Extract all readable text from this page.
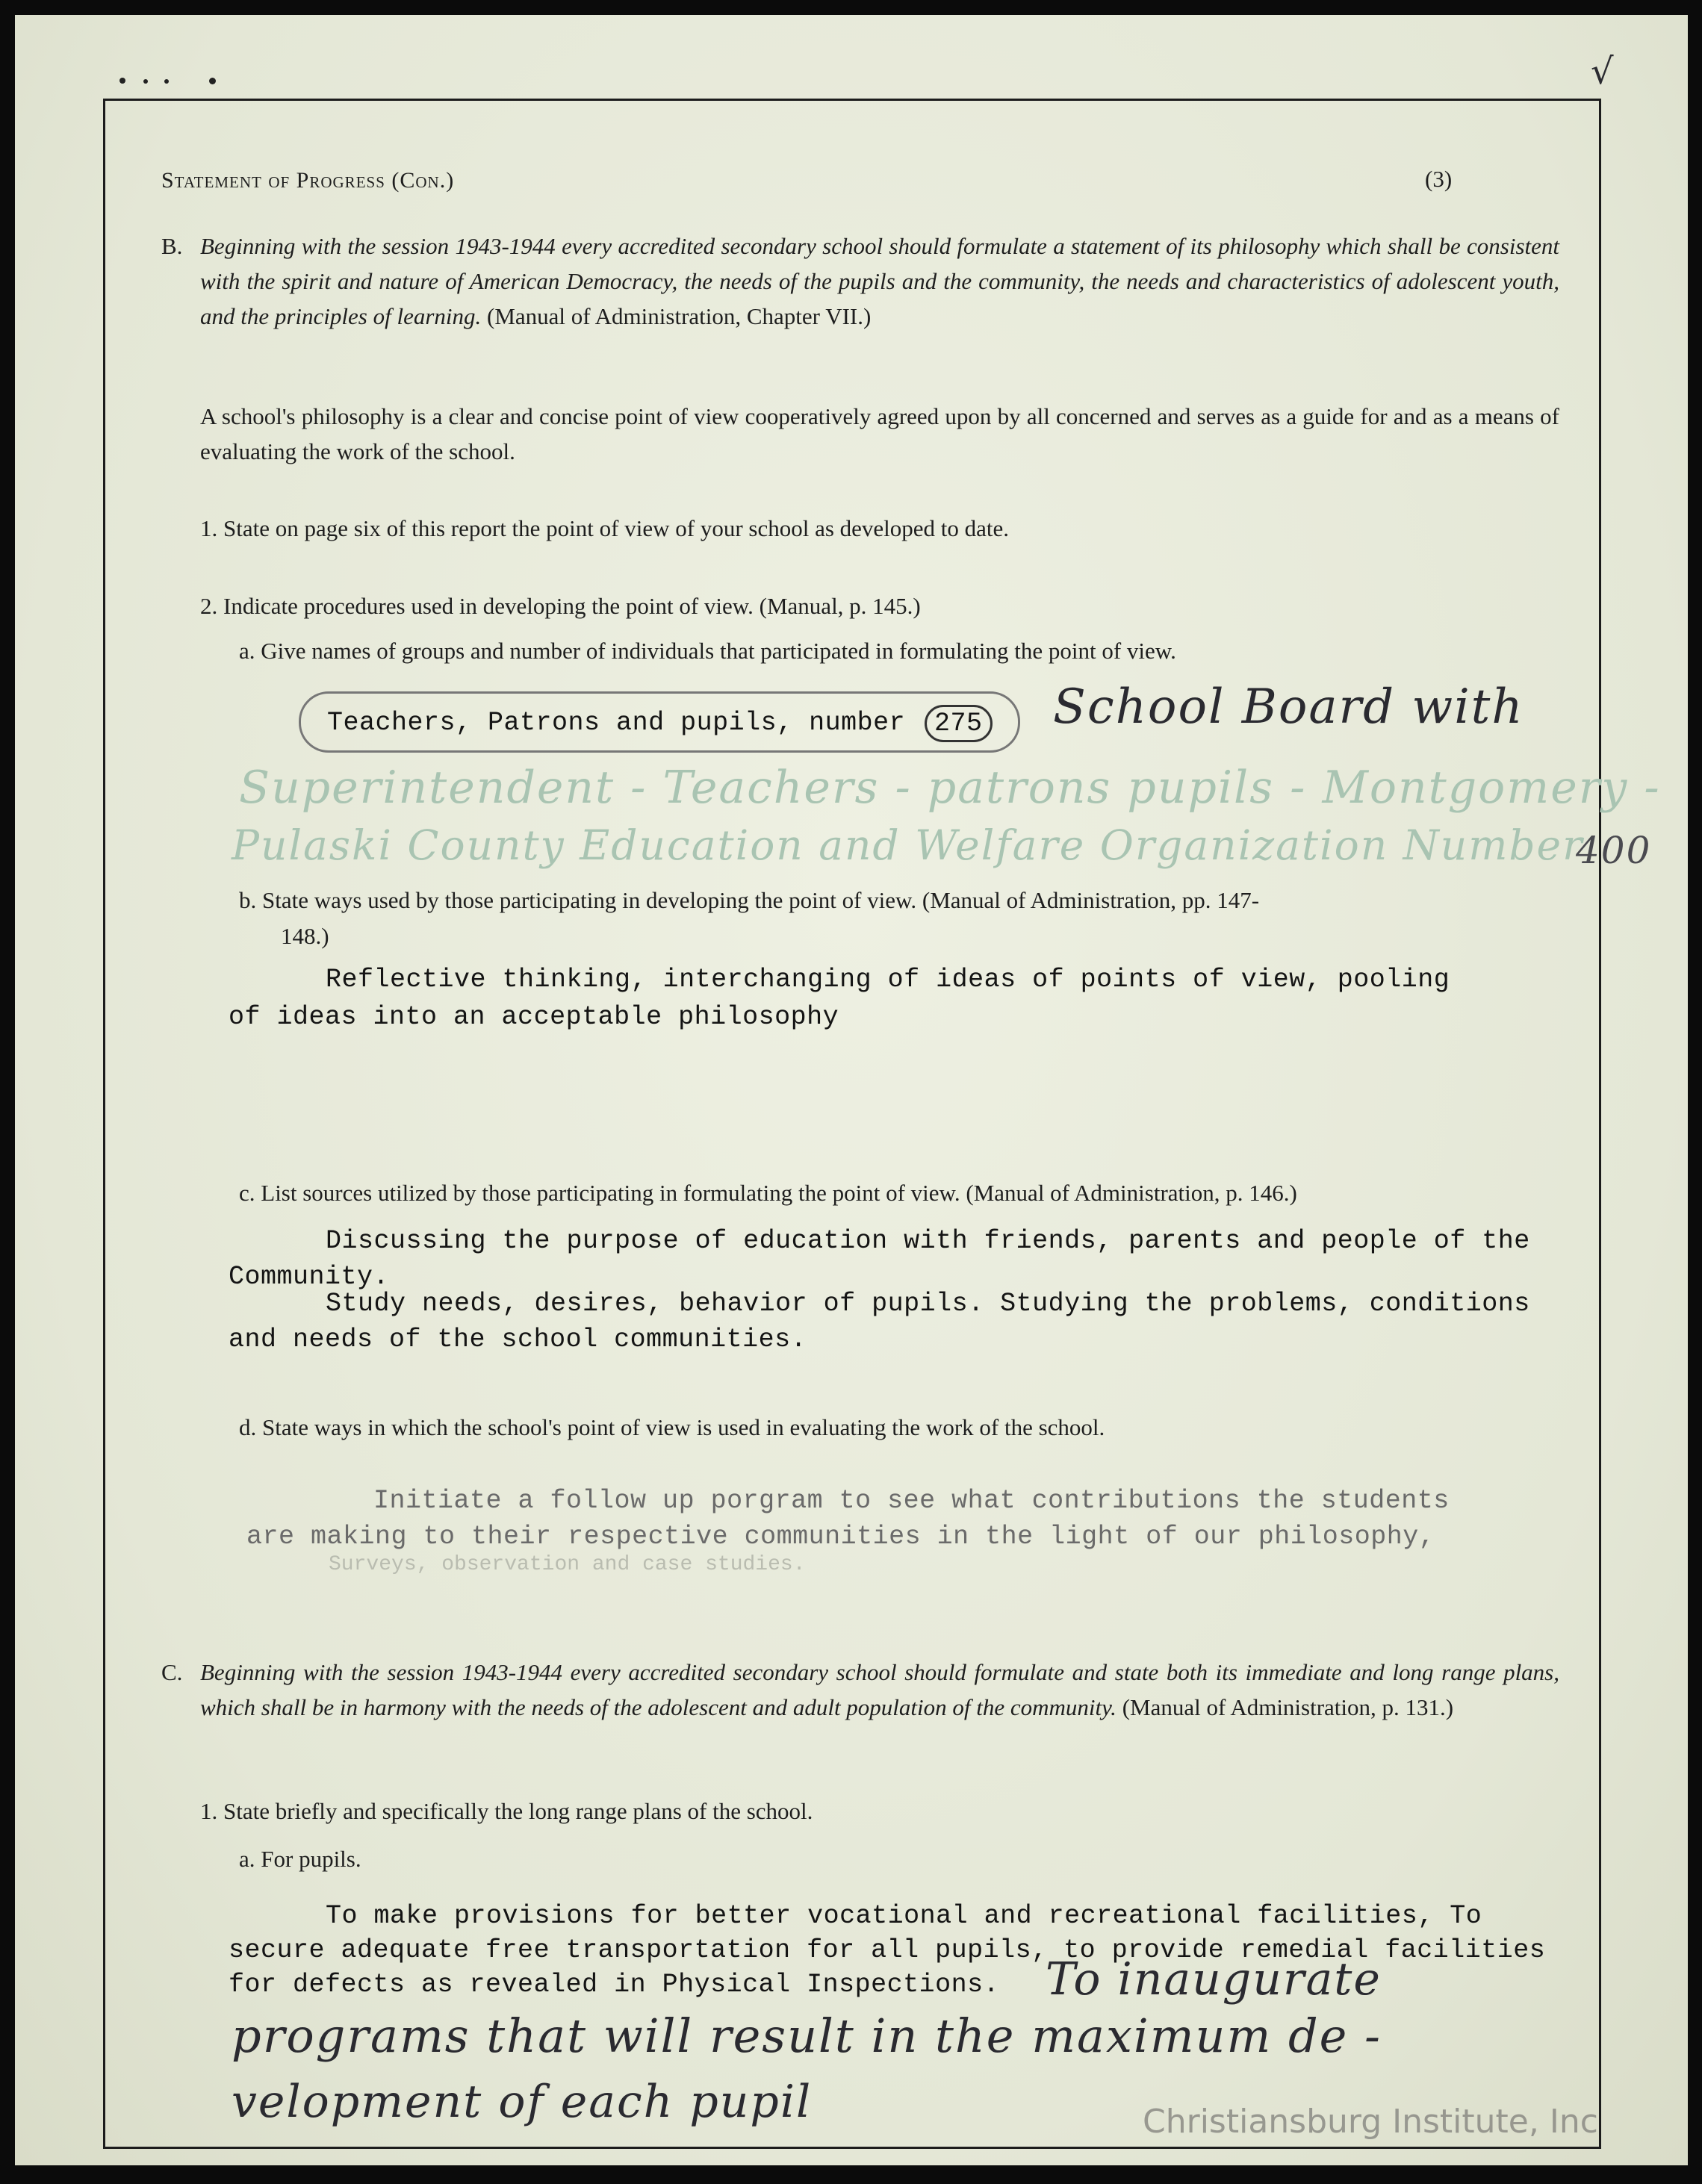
√
Statement of Progress (Con.)	(3)
B. Beginning with the session 1943-1944 every accredited secondary school should formulate a statement of its philosophy which shall be consistent with the spirit and nature of American Democracy, the needs of the pupils and the community, the needs and characteristics of adolescent youth, and the principles of learning. (Manual of Administration, Chapter VII.)
A school's philosophy is a clear and concise point of view cooperatively agreed upon by all concerned and serves as a guide for and as a means of evaluating the work of the school.
1. State on page six of this report the point of view of your school as developed to date.
2. Indicate procedures used in developing the point of view. (Manual, p. 145.)
a. Give names of groups and number of individuals that participated in formulating the point of view.
Teachers, Patrons and pupils, number	275 School Board with
Superintendent - Teachers - patrons pupils - Montgomery -
Pulaski County Education and Welfare Organization Number
400
b. State ways used by those participating in developing the point of view. (Manual of Administration, pp. 147-
148.)
Reflective thinking, interchanging of ideas of points of view, pooling
of ideas into an acceptable philosophy
c. List sources utilized by those participating in formulating the point of view. (Manual of Administration, p. 146.)
Discussing the purpose of education with friends, parents and people of the
Community.
Study needs, desires, behavior of pupils. Studying the problems, conditions
and needs of the school communities.
d. State ways in which the school's point of view is used in evaluating the work of the school.
Initiate a follow up porgram to see what contributions the students
are making to their respective communities in the light of our philosophy,
Surveys, observation and case studies.
C. Beginning with the session 1943-1944 every accredited secondary school should formulate and state both its immediate and long range plans, which shall be in harmony with the needs of the adolescent and adult population of the community. (Manual of Administration, p. 131.)
1. State briefly and specifically the long range plans of the school.
a. For pupils.
To make provisions for better vocational and recreational facilities, To
secure adequate free transportation for all pupils, to provide remedial facilities
for defects as revealed in Physical Inspections. To inaugurate
programs that will result in the maximum de -
velopment of each pupil	Christiansburg Institute, Inc
